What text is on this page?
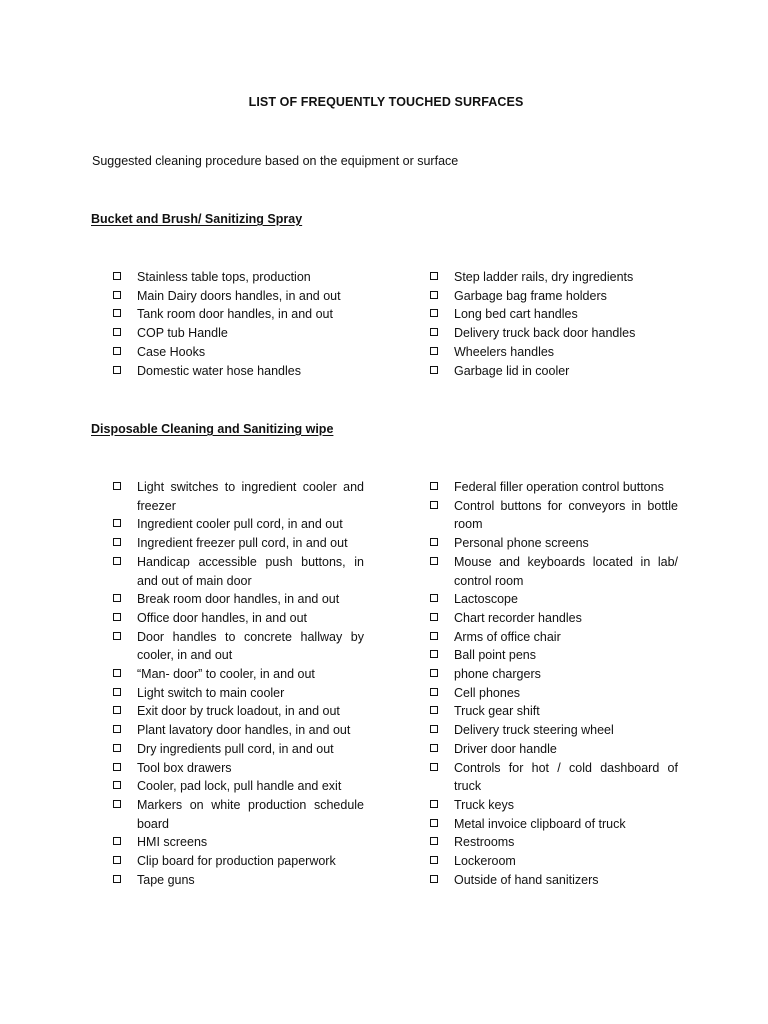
LIST OF FREQUENTLY TOUCHED SURFACES
Suggested cleaning procedure based on the equipment or surface
Bucket and Brush/ Sanitizing Spray
Stainless table tops, production
Main Dairy doors handles, in and out
Tank room door handles, in and out
COP tub Handle
Case Hooks
Domestic water hose handles
Step ladder rails, dry ingredients
Garbage bag frame holders
Long bed cart handles
Delivery truck back door handles
Wheelers handles
Garbage lid in cooler
Disposable Cleaning and Sanitizing wipe
Light switches to ingredient cooler and freezer
Ingredient cooler pull cord, in and out
Ingredient freezer pull cord, in and out
Handicap accessible push buttons, in and out of main door
Break room door handles, in and out
Office door handles, in and out
Door handles to concrete hallway by cooler, in and out
“Man- door” to cooler, in and out
Light switch to main cooler
Exit door by truck loadout, in and out
Plant lavatory door handles, in and out
Dry ingredients pull cord, in and out
Tool box drawers
Cooler, pad lock, pull handle and exit
Markers on white production schedule board
HMI screens
Clip board for production paperwork
Tape guns
Federal filler operation control buttons
Control buttons for conveyors in bottle room
Personal phone screens
Mouse and keyboards located in lab/ control room
Lactoscope
Chart recorder handles
Arms of office chair
Ball point pens
phone chargers
Cell phones
Truck gear shift
Delivery truck steering wheel
Driver door handle
Controls for hot / cold dashboard of truck
Truck keys
Metal invoice clipboard of truck
Restrooms
Lockeroom
Outside of hand sanitizers
